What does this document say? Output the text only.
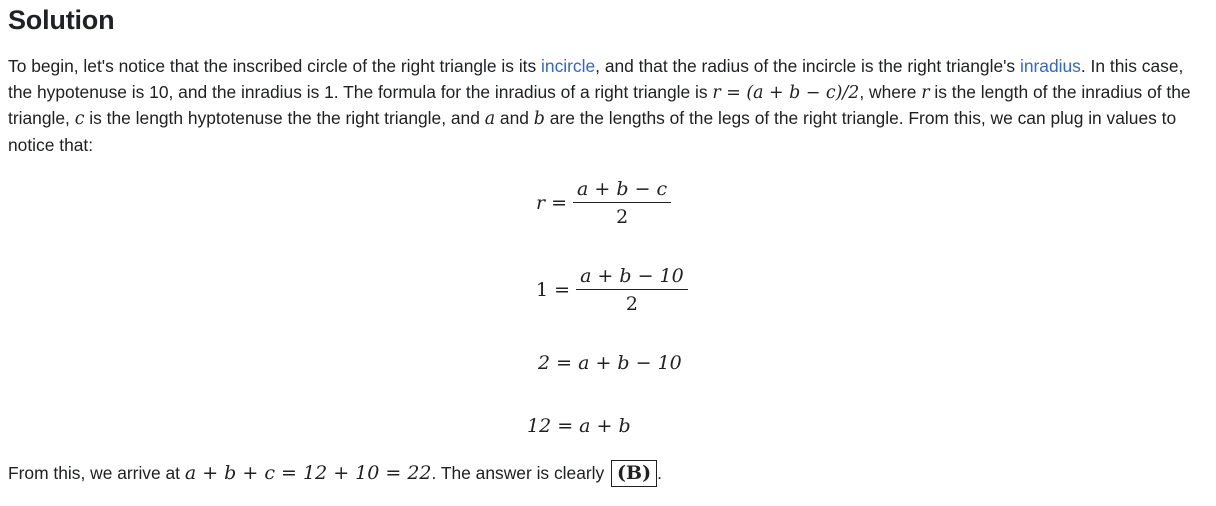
Solution

To begin, let's notice that the inscribed circle of the right triangle is its incircle, and that the radius of the incircle is the right triangle's inradius. In this case, the hypotenuse is 10, and the inradius is 1. The formula for the inradius of a right triangle is r = (a + b − c)/2, where r is the length of the inradius of the triangle, c is the length hyptotenuse the the right triangle, and a and b are the lengths of the legs of the right triangle. From this, we can plug in values to notice that:

$r = \frac{a + b - c}{2}$
$1 = \frac{a + b - 10}{2}$
2 = a + b − 10
12 = a + b
From this, we arrive at a + b + c = 12 + 10 = 22. The answer is clearly (B) .
